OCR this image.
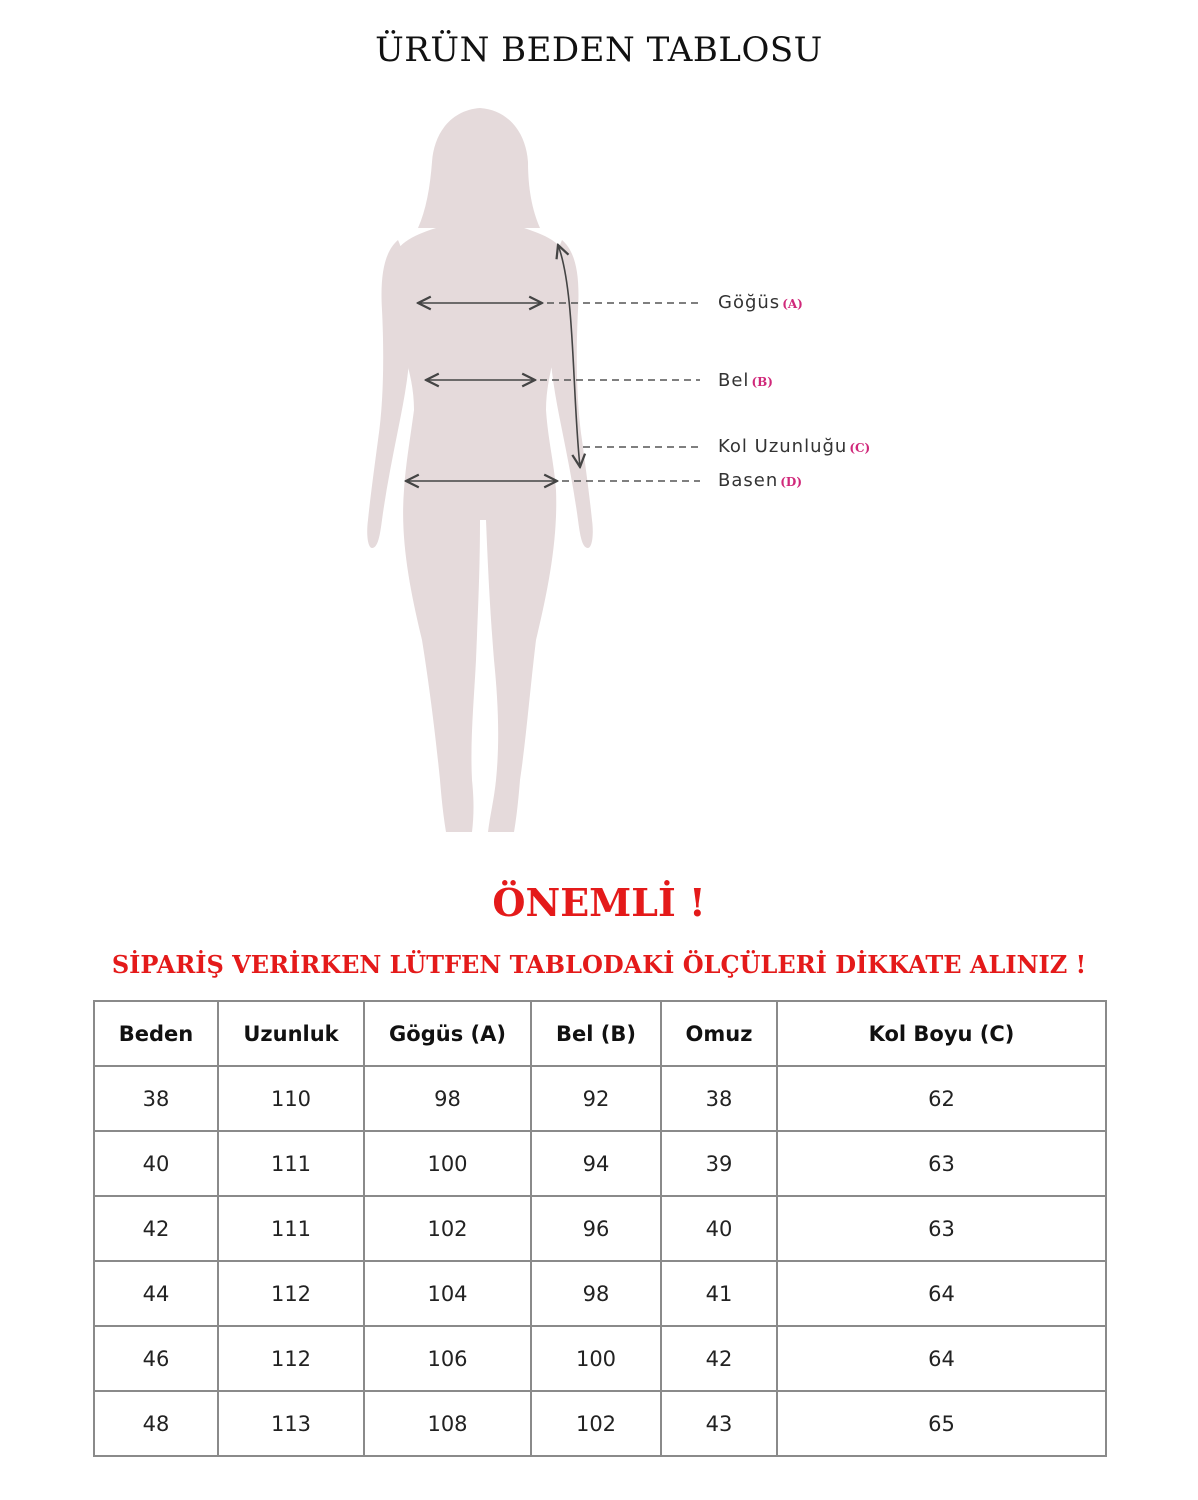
ÜRÜN BEDEN TABLOSU
Göğüs (A)
Bel (B)
Kol Uzunluğu (C)
Basen (D)
ÖNEMLİ !
SİPARİŞ VERİRKEN LÜTFEN TABLODAKİ ÖLÇÜLERİ DİKKATE ALINIZ !
Beden	Uzunluk	Gögüs (A)	Bel (B)	Omuz	Kol Boyu (C)
38	110	98	92	38	62
40	111	100	94	39	63
42	111	102	96	40	63
44	112	104	98	41	64
46	112	106	100	42	64
48	113	108	102	43	65
